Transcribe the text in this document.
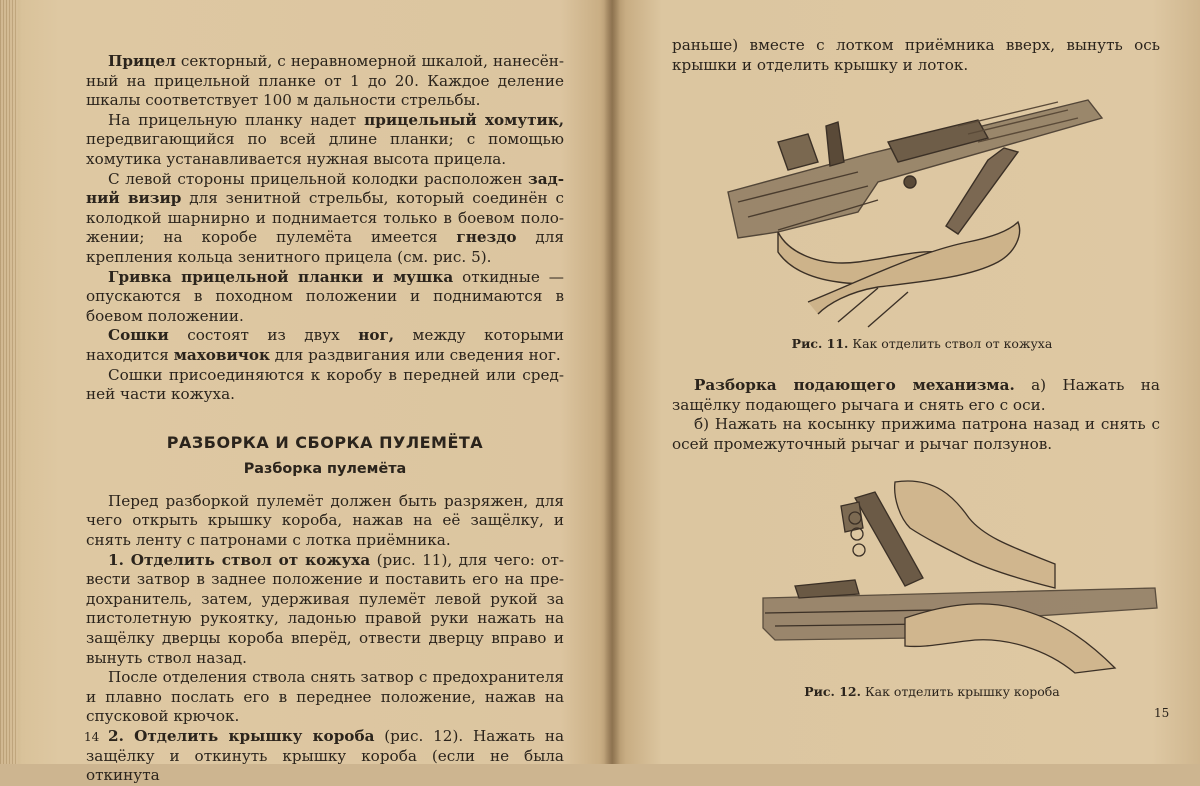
Прицел секторный, с неравномерной шкалой, нанесённый на прицельной планке от 1 до 20. Каждое деление шкалы соответствует 100 м дальности стрельбы.

На прицельную планку надет прицельный хомутик, передвигающийся по всей длине планки; с помощью хомутика устанавливается нужная высота прицела.

С левой стороны прицельной колодки расположен задний визир для зенитной стрельбы, который соединён с колодкой шарнирно и поднимается только в боевом положении; на коробе пулемёта имеется гнездо для крепления кольца зенитного прицела (см. рис. 5).

Гривка прицельной планки и мушка откидные — опускаются в походном положении и поднимаются в боевом положении.

Сошки состоят из двух ног, между которыми находится маховичок для раздвигания или сведения ног.

Сошки присоединяются к коробу в передней или средней части кожуха.

РАЗБОРКА И СБОРКА ПУЛЕМЁТА
Разборка пулемёта

Перед разборкой пулемёт должен быть разряжен, для чего открыть крышку короба, нажав на её защёлку, и снять ленту с патронами с лотка приёмника.

1. Отделить ствол от кожуха (рис. 11), для чего: отвести затвор в заднее положение и поставить его на предохранитель, затем, удерживая пулемёт левой рукой за пистолетную рукоятку, ладонью правой руки нажать на защёлку дверцы короба вперёд, отвести дверцу вправо и вынуть ствол назад.

После отделения ствола снять затвор с предохранителя и плавно послать его в переднее положение, нажав на спусковой крючок.

2. Отделить крышку короба (рис. 12). Нажать на защёлку и откинуть крышку короба (если не была откинута

14

раньше) вместе с лотком приёмника вверх, вынуть ось крышки и отделить крышку и лоток.

Рис. 11. Как отделить ствол от кожуха

Разборка подающего механизма. а) Нажать на защёлку подающего рычага и снять его с оси.

б) Нажать на косынку прижима патрона назад и снять с осей промежуточный рычаг и рычаг ползунов.

Рис. 12. Как отделить крышку короба
15
